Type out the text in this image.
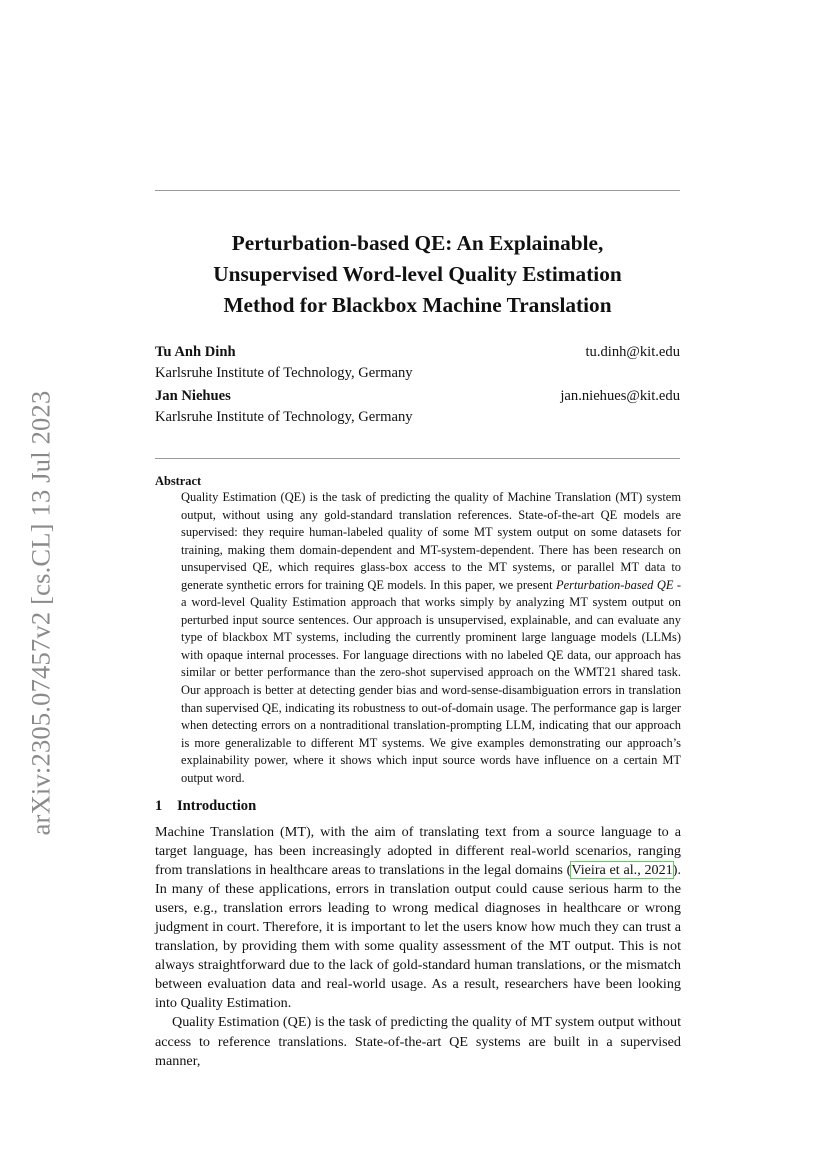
arXiv:2305.07457v2 [cs.CL] 13 Jul 2023
Perturbation-based QE: An Explainable,
Unsupervised Word-level Quality Estimation
Method for Blackbox Machine Translation
Tu Anh Dinh	tu.dinh@kit.edu
Karlsruhe Institute of Technology, Germany
Jan Niehues	jan.niehues@kit.edu
Karlsruhe Institute of Technology, Germany
Abstract
Quality Estimation (QE) is the task of predicting the quality of Machine Translation (MT) system output, without using any gold-standard translation references. State-of-the-art QE models are supervised: they require human-labeled quality of some MT system output on some datasets for training, making them domain-dependent and MT-system-dependent. There has been research on unsupervised QE, which requires glass-box access to the MT systems, or parallel MT data to generate synthetic errors for training QE models. In this paper, we present Perturbation-based QE - a word-level Quality Estimation approach that works simply by analyzing MT system output on perturbed input source sentences. Our approach is unsupervised, explainable, and can evaluate any type of blackbox MT systems, including the currently prominent large language models (LLMs) with opaque internal processes. For language directions with no labeled QE data, our approach has similar or better performance than the zero-shot supervised approach on the WMT21 shared task. Our approach is better at detecting gender bias and word-sense-disambiguation errors in translation than supervised QE, indicating its robustness to out-of-domain usage. The performance gap is larger when detecting errors on a nontraditional translation-prompting LLM, indicating that our approach is more generalizable to different MT systems. We give examples demonstrating our approach’s explainability power, where it shows which input source words have influence on a certain MT output word.
1 Introduction

Machine Translation (MT), with the aim of translating text from a source language to a target language, has been increasingly adopted in different real-world scenarios, ranging from translations in healthcare areas to translations in the legal domains (Vieira et al., 2021). In many of these applications, errors in translation output could cause serious harm to the users, e.g., translation errors leading to wrong medical diagnoses in healthcare or wrong judgment in court. Therefore, it is important to let the users know how much they can trust a translation, by providing them with some quality assessment of the MT output. This is not always straightforward due to the lack of gold-standard human translations, or the mismatch between evaluation data and real-world usage. As a result, researchers have been looking into Quality Estimation.

Quality Estimation (QE) is the task of predicting the quality of MT system output without access to reference translations. State-of-the-art QE systems are built in a supervised manner,
